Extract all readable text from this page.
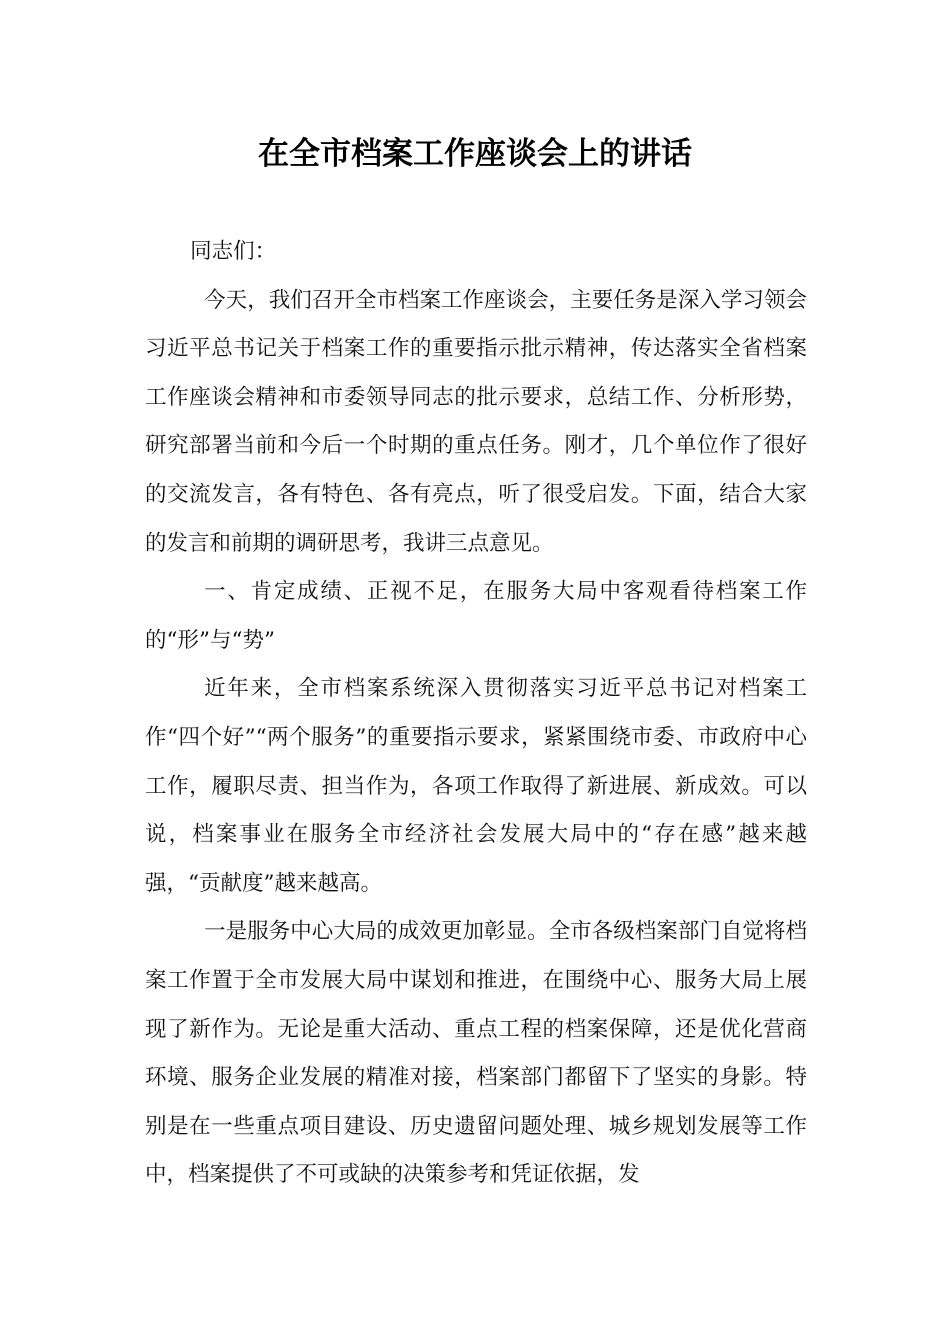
在全市档案工作座谈会上的讲话

同志们：

今天，我们召开全市档案工作座谈会，主要任务是深入学习领会习近平总书记关于档案工作的重要指示批示精神，传达落实全省档案工作座谈会精神和市委领导同志的批示要求，总结工作、分析形势，研究部署当前和今后一个时期的重点任务。刚才，几个单位作了很好的交流发言，各有特色、各有亮点，听了很受启发。下面，结合大家的发言和前期的调研思考，我讲三点意见。

一、肯定成绩、正视不足，在服务大局中客观看待档案工作的“形”与“势”

近年来，全市档案系统深入贯彻落实习近平总书记对档案工作“四个好”“两个服务”的重要指示要求，紧紧围绕市委、市政府中心工作，履职尽责、担当作为，各项工作取得了新进展、新成效。可以说，档案事业在服务全市经济社会发展大局中的“存在感”越来越强，“贡献度”越来越高。

一是服务中心大局的成效更加彰显。全市各级档案部门自觉将档案工作置于全市发展大局中谋划和推进，在围绕中心、服务大局上展现了新作为。无论是重大活动、重点工程的档案保障，还是优化营商环境、服务企业发展的精准对接，档案部门都留下了坚实的身影。特别是在一些重点项目建设、历史遗留问题处理、城乡规划发展等工作中，档案提供了不可或缺的决策参考和凭证依据，发
